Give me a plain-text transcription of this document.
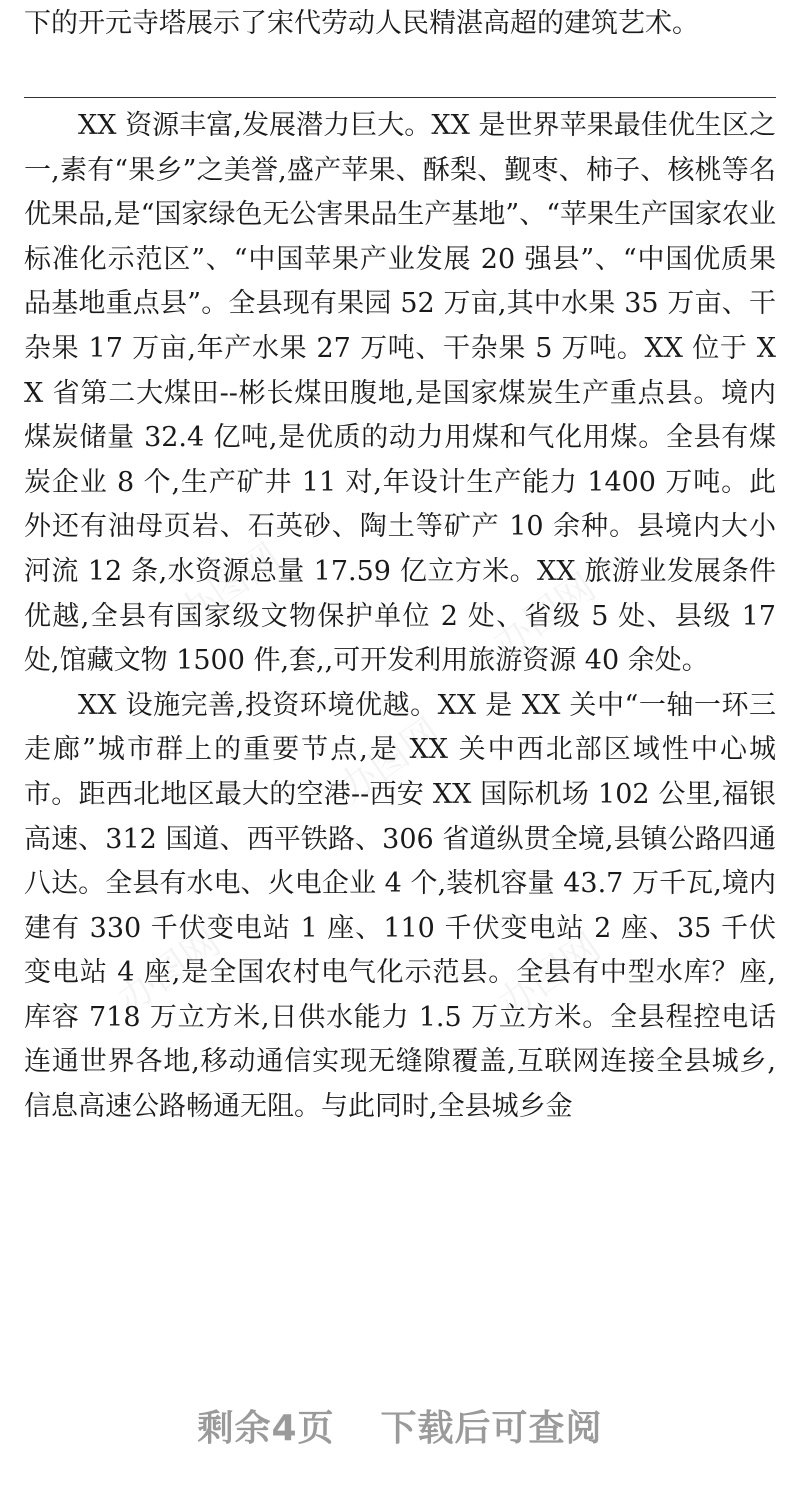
下的开元寺塔展示了宋代劳动人民精湛高超的建筑艺术。

XX 资源丰富,发展潜力巨大。XX 是世界苹果最佳优生区之一,素有“果乡”之美誉,盛产苹果、酥梨、觐枣、柿子、核桃等名优果品,是“国家绿色无公害果品生产基地”、“苹果生产国家农业标准化示范区”、“中国苹果产业发展 20 强县”、“中国优质果品基地重点县”。全县现有果园 52 万亩,其中水果 35 万亩、干杂果 17 万亩,年产水果 27 万吨、干杂果 5 万吨。XX 位于 XX 省第二大煤田--彬长煤田腹地,是国家煤炭生产重点县。境内煤炭储量 32.4 亿吨,是优质的动力用煤和气化用煤。全县有煤炭企业 8 个,生产矿井 11 对,年设计生产能力 1400 万吨。此外还有油母页岩、石英砂、陶土等矿产 10 余种。县境内大小河流 12 条,水资源总量 17.59 亿立方米。XX 旅游业发展条件优越,全县有国家级文物保护单位 2 处、省级 5 处、县级 17 处,馆藏文物 1500 件,套,,可开发利用旅游资源 40 余处。

XX 设施完善,投资环境优越。XX 是 XX 关中“一轴一环三走廊”城市群上的重要节点,是 XX 关中西北部区域性中心城市。距西北地区最大的空港--西安 XX 国际机场 102 公里,福银高速、312 国道、西平铁路、306 省道纵贯全境,县镇公路四通八达。全县有水电、火电企业 4 个,装机容量 43.7 万千瓦,境内建有 330 千伏变电站 1 座、110 千伏变电站 2 座、35 千伏变电站 4 座,是全国农村电气化示范县。全县有中型水库？座,库容 718 万立方米,日供水能力 1.5 万立方米。全县程控电话连通世界各地,移动通信实现无缝隙覆盖,互联网连接全县城乡,信息高速公路畅通无阻。与此同时,全县城乡金

剩余4页 下载后可查阅
